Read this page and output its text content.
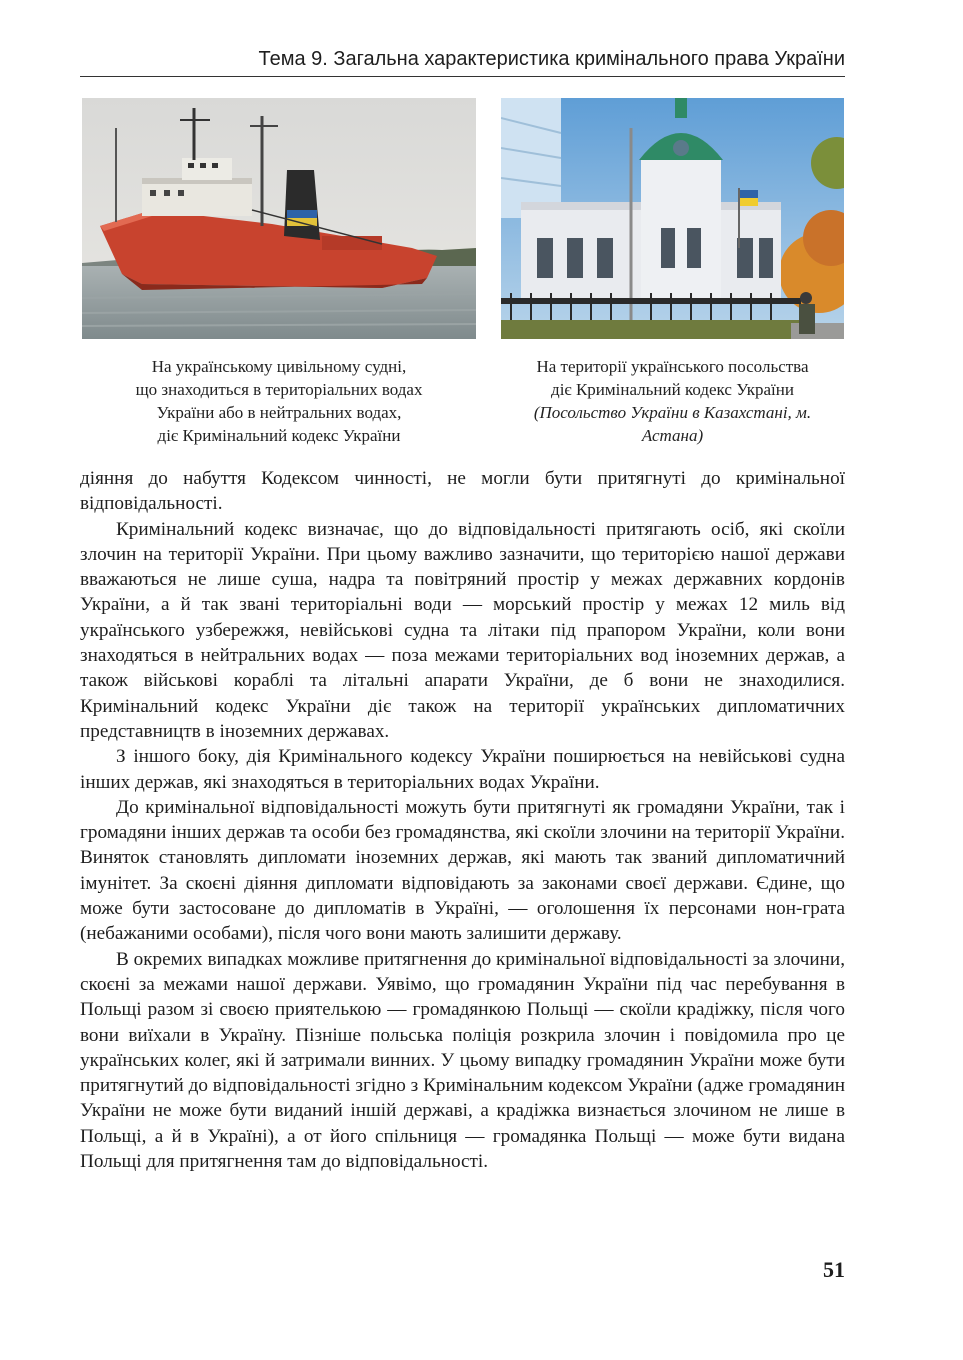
Тема 9. Загальна характеристика кримінального права України
На українському цивільному судні,
що знаходиться в територіальних водах
України або в нейтральних водах,
діє Кримінальний кодекс України
На території українського посольства
діє Кримінальний кодекс України
(Посольство України в Казахстані, м. Астана)

діяння до набуття Кодексом чинності, не могли бути притягнуті до кримінальної відповідальності.

Кримінальний кодекс визначає, що до відповідальності притягають осіб, які скоїли злочин на території України. При цьому важливо зазначити, що територією нашої держави вважаються не лише суша, надра та повітряний простір у межах державних кордонів України, а й так звані територіальні води — морський простір у межах 12 миль від українського узбережжя, невійськові судна та літаки під прапором України, коли вони знаходяться в нейтральних водах — поза межами територіальних вод іноземних держав, а також військові кораблі та літальні апарати України, де б вони не знаходилися. Кримінальний кодекс України діє також на території українських дипломатичних представництв в іноземних державах.

З іншого боку, дія Кримінального кодексу України поширюється на невійськові судна інших держав, які знаходяться в територіальних водах України.

До кримінальної відповідальності можуть бути притягнуті як громадяни України, так і громадяни інших держав та особи без громадянства, які скоїли злочини на території України. Виняток становлять дипломати іноземних держав, які мають так званий дипломатичний імунітет. За скоєні діяння дипломати відповідають за законами своєї держави. Єдине, що може бути застосоване до дипломатів в Україні, — оголошення їх персонами нон-грата (небажаними особами), після чого вони мають залишити державу.

В окремих випадках можливе притягнення до кримінальної відповідальності за злочини, скоєні за межами нашої держави. Уявімо, що громадянин України під час перебування в Польщі разом зі своєю приятелькою — громадянкою Польщі — скоїли крадіжку, після чого вони виїхали в Україну. Пізніше польська поліція розкрила злочин і повідомила про це українських колег, які й затримали винних. У цьому випадку громадянин України може бути притягнутий до відповідальності згідно з Кримінальним кодексом України (адже громадянин України не може бути виданий іншій державі, а крадіжка визнається злочином не лише в Польщі, а й в Україні), а от його спільниця — громадянка Польщі — може бути видана Польщі для притягнення там до відповідальності.

51
